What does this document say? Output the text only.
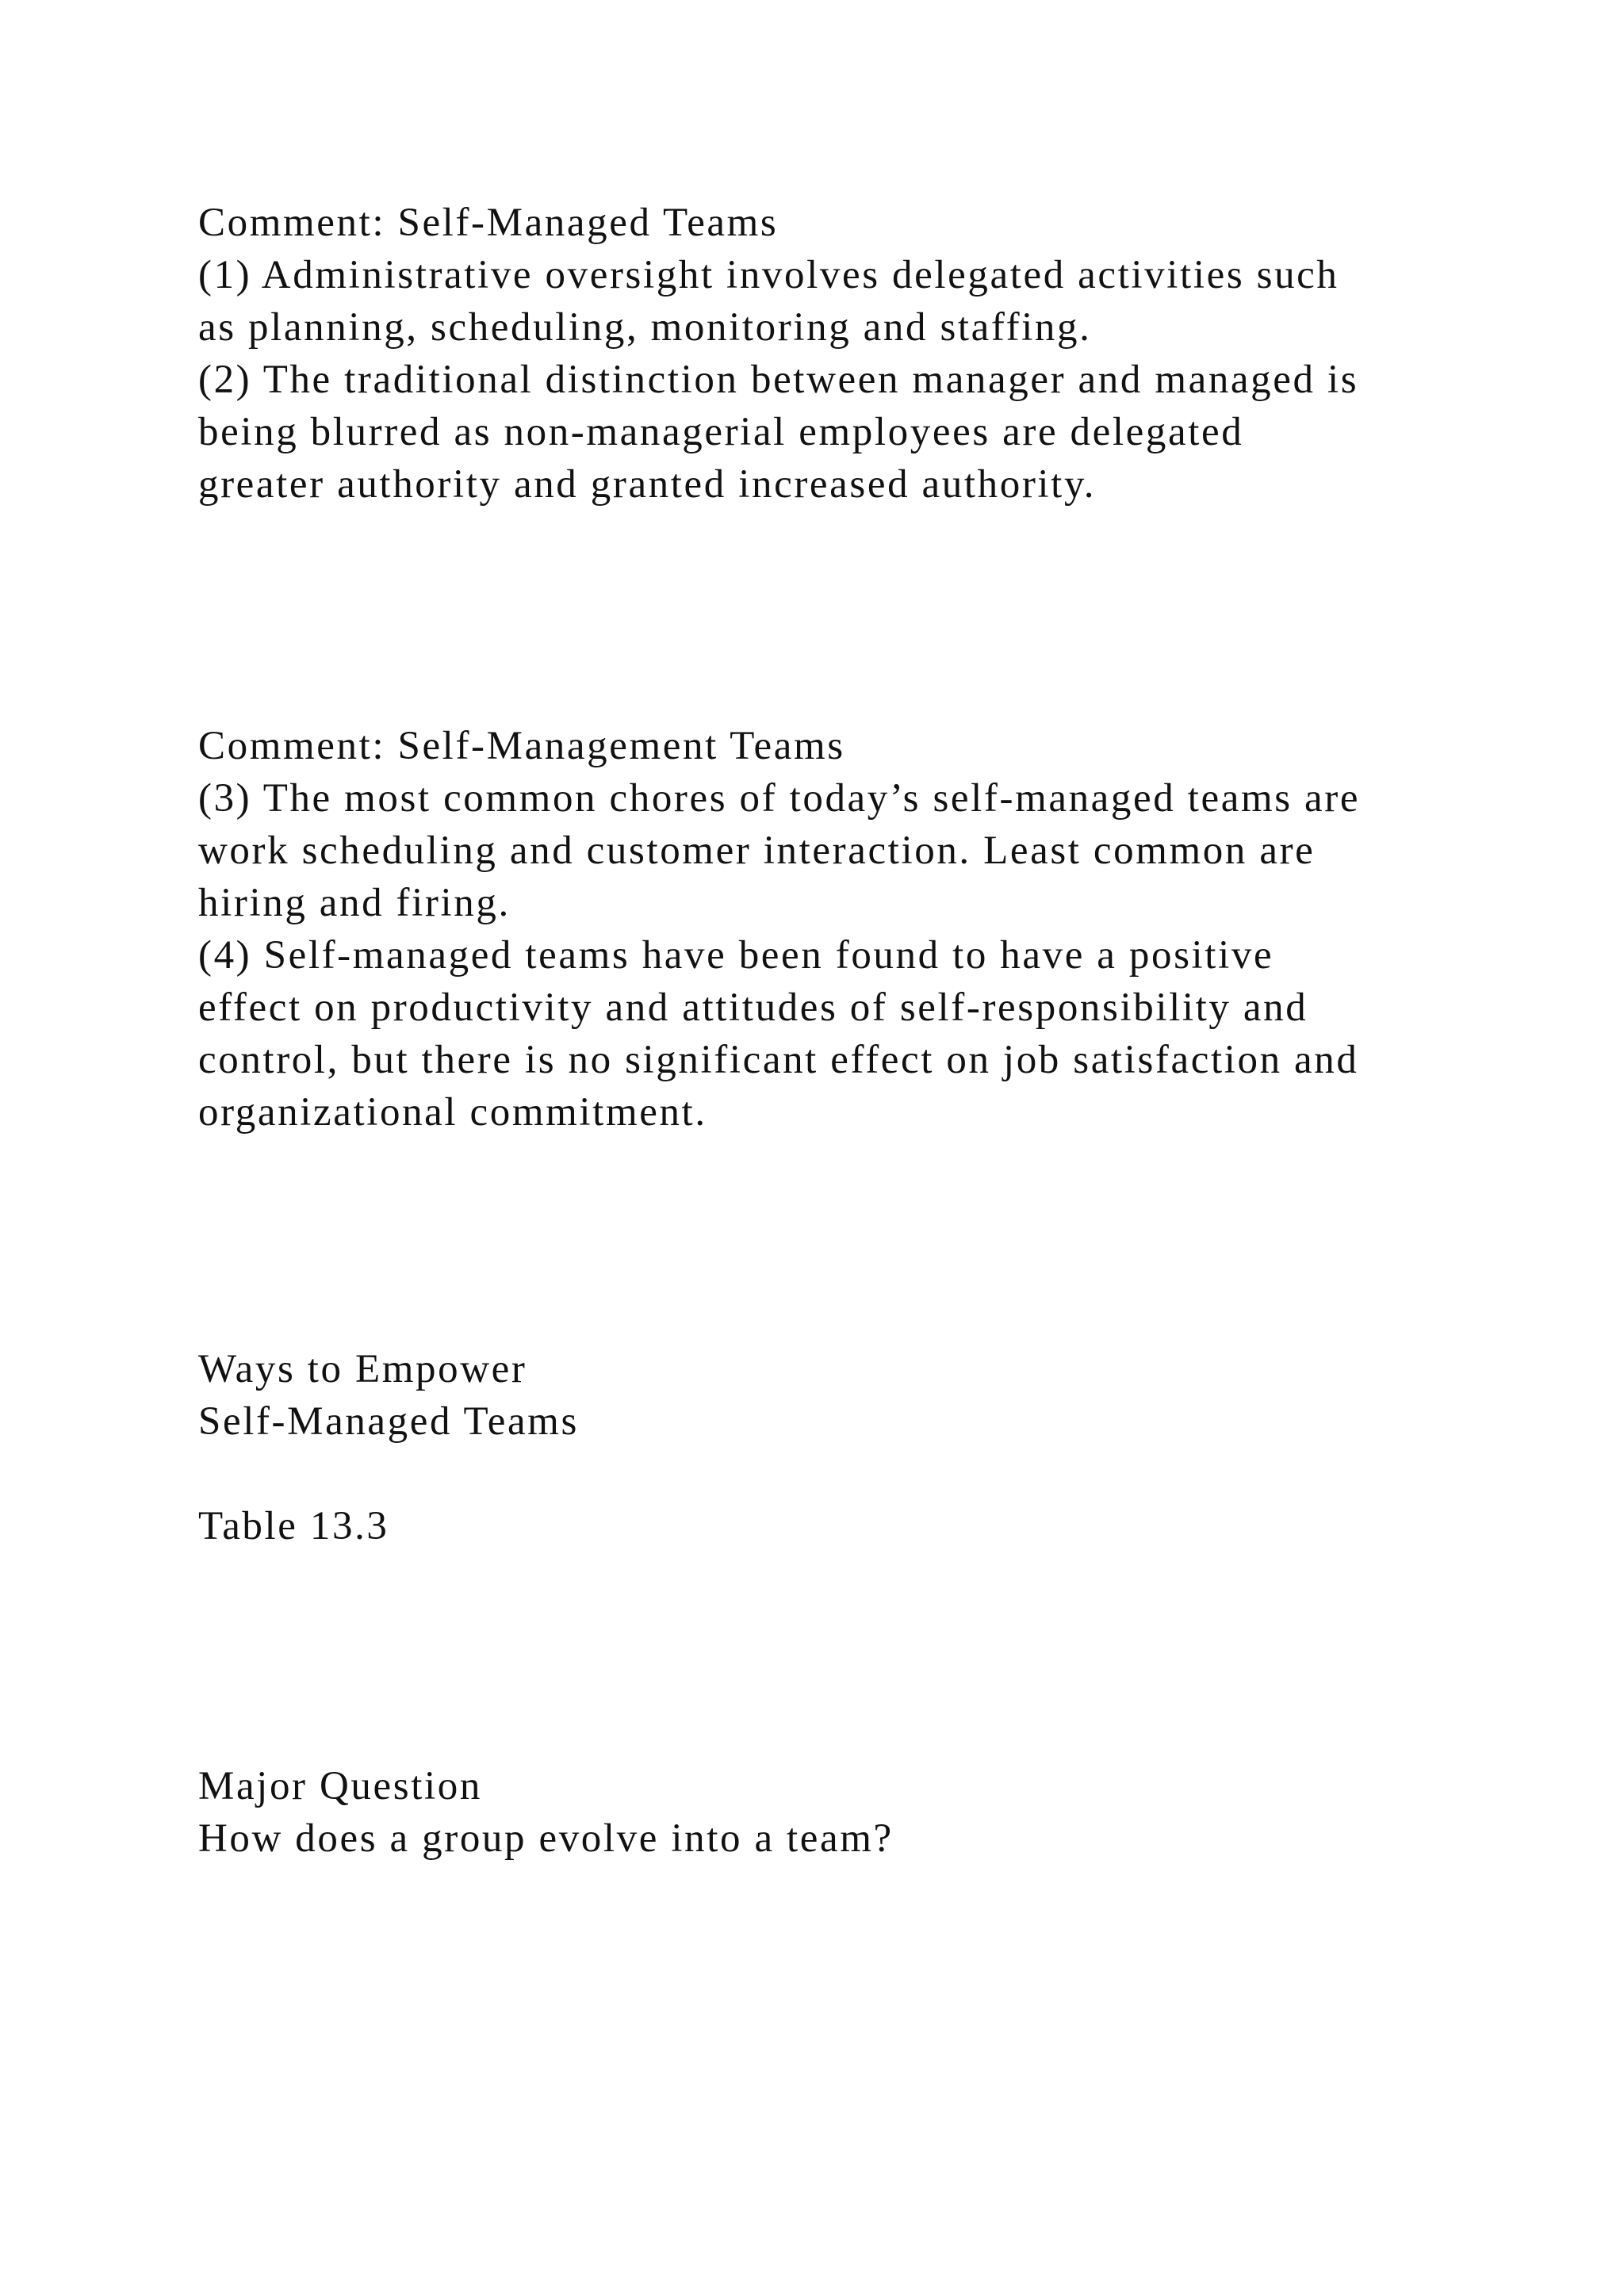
Comment: Self-Managed Teams

(1) Administrative oversight involves delegated activities such

as planning, scheduling, monitoring and staffing.

(2) The traditional distinction between manager and managed is

being blurred as non-managerial employees are delegated

greater authority and granted increased authority.

Comment: Self-Management Teams

(3) The most common chores of today’s self-managed teams are

work scheduling and customer interaction. Least common are

hiring and firing.

(4) Self-managed teams have been found to have a positive

effect on productivity and attitudes of self-responsibility and

control, but there is no significant effect on job satisfaction and

organizational commitment.

Ways to Empower

Self-Managed Teams

Table 13.3

Major Question

How does a group evolve into a team?
